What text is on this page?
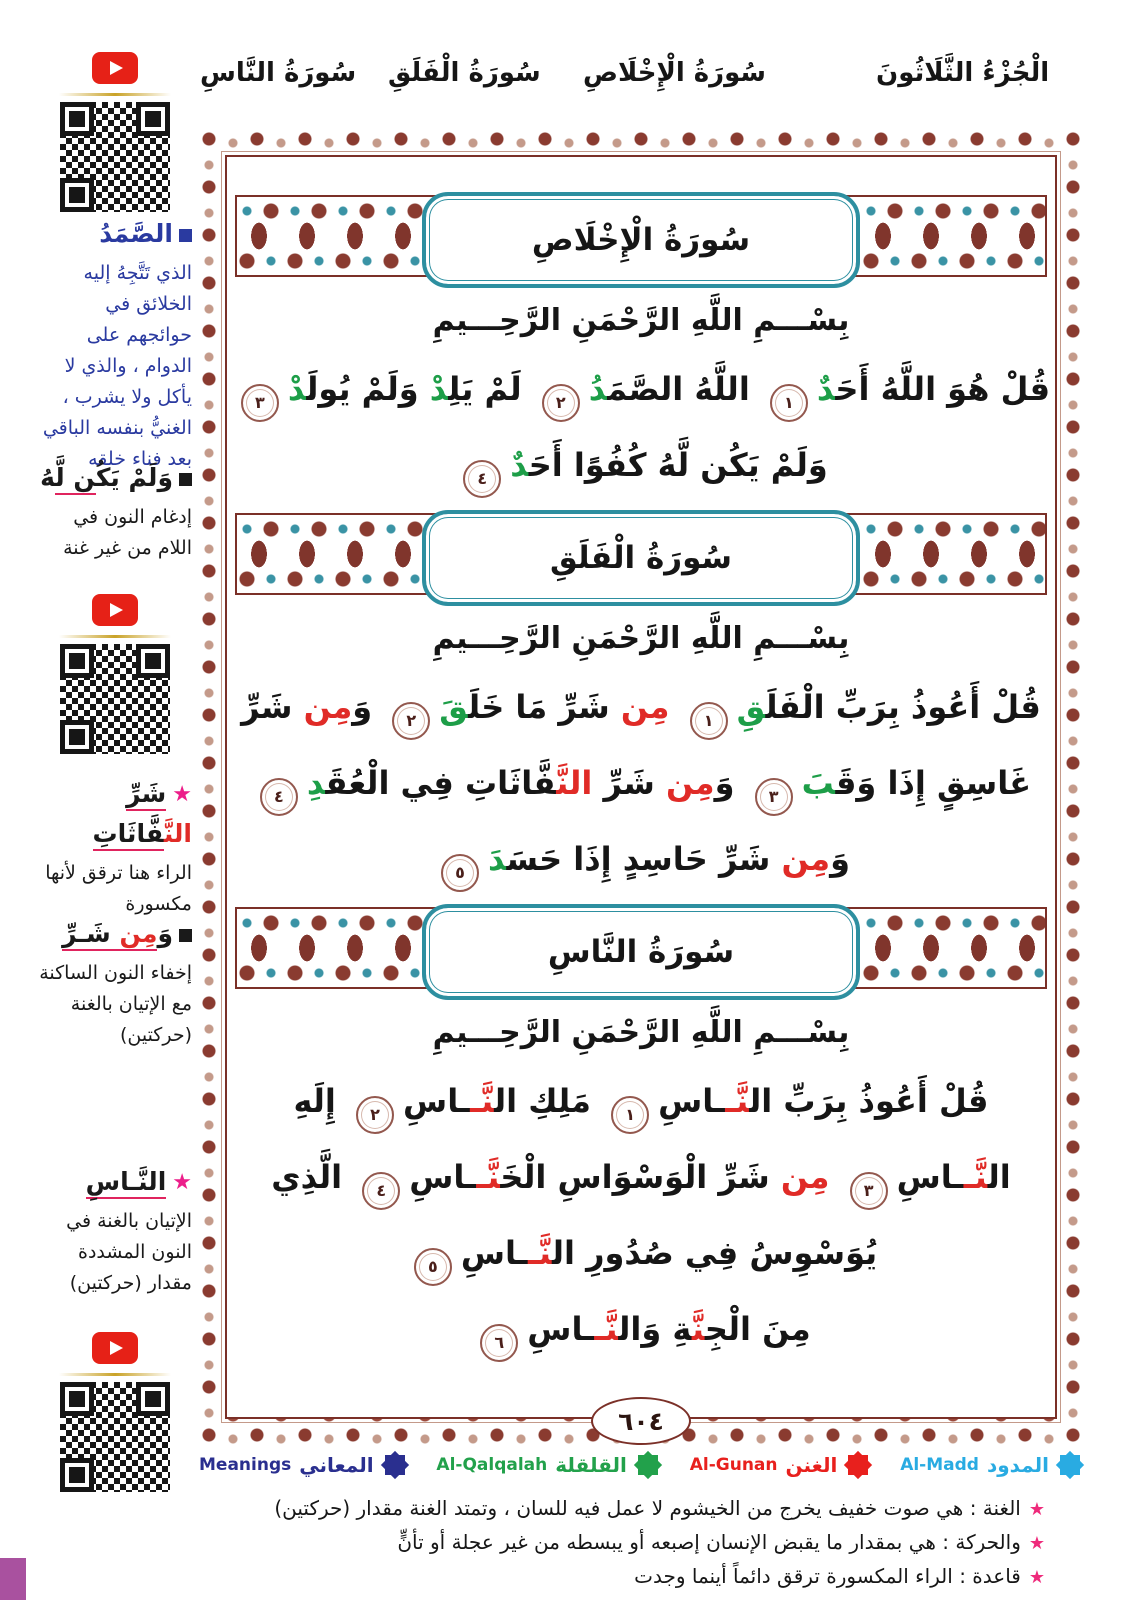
سُورَةُ النَّاسِ سُورَةُ الْفَلَقِ سُورَةُ الْإِخْلَاصِ	الْجُزْءُ الثَّلَاثُونَ
الصَّمَدُ
الذي تَتَّجِهُ إليه الخلائق في حوائجهم على الدوام ، والذي لا يأكل ولا يشرب ، الغنيُّ بنفسه الباقي بعد فناء خلقه
وَلَمْ يَكُن لَّهُ
إدغام النون في اللام من غير غنة
★شَرِّ النَّ‍‍فَّاثَاتِ
الراء هنا ترقق لأنها مكسورة
وَمِن شَـرِّ
إخفاء النون الساكنة مع الإتيان بالغنة (حركتين)
★النَّـاسِ
الإتيان بالغنة في النون المشددة مقدار (حركتين)
سُورَةُ الْإِخْلَاصِ
بِسْـــمِ اللَّهِ الرَّحْمَنِ الرَّحِـــيمِ
قُلْ هُوَ اللَّهُ أَحَ‍‍دٌ١ اللَّهُ الصَّمَ‍‍دُ٢ لَمْ يَلِ‍‍دْ وَلَمْ يُولَ‍‍دْ٣
وَلَمْ يَكُن لَّهُ كُفُوًا أَحَ‍‍دٌ٤
سُورَةُ الْفَلَقِ
بِسْـــمِ اللَّهِ الرَّحْمَنِ الرَّحِـــيمِ
قُلْ أَعُوذُ بِرَبِّ الْفَلَ‍‍قِ١ مِن شَرِّ مَا خَلَ‍‍قَ٢ وَمِن شَرِّ
غَاسِقٍ إِذَا وَقَ‍‍بَ٣ وَمِن شَرِّ النَّ‍‍فَّاثَاتِ فِي الْعُقَ‍‍دِ٤
وَمِن شَرِّ حَاسِدٍ إِذَا حَسَ‍‍دَ٥
سُورَةُ النَّاسِ
بِسْـــمِ اللَّهِ الرَّحْمَنِ الرَّحِـــيمِ
قُلْ أَعُوذُ بِرَبِّ ال‍‍نَّــاسِ١ مَلِكِ ال‍‍نَّــاسِ٢ إِلَهِ
ال‍‍نَّــاسِ٣ مِن شَرِّ الْوَسْوَاسِ الْخَ‍‍نَّــاسِ٤ الَّذِي
يُوَسْوِسُ فِي صُدُورِ ال‍‍نَّــاسِ٥
مِنَ الْجِ‍‍نَّ‍‍ةِ وَال‍‍نَّــاسِ٦
٦٠٤
Meanings المعاني	Al-Qalqalah القلقلة	Al-Gunan الغنن	Al-Madd المدود
★الغنة : هي صوت خفيف يخرج من الخيشوم لا عمل فيه للسان ، وتمتد الغنة مقدار (حركتين)
★والحركة : هي بمقدار ما يقبض الإنسان إصبعه أو يبسطه من غير عجلة أو تأنٍّ
★قاعدة : الراء المكسورة ترقق دائماً أينما وجدت
